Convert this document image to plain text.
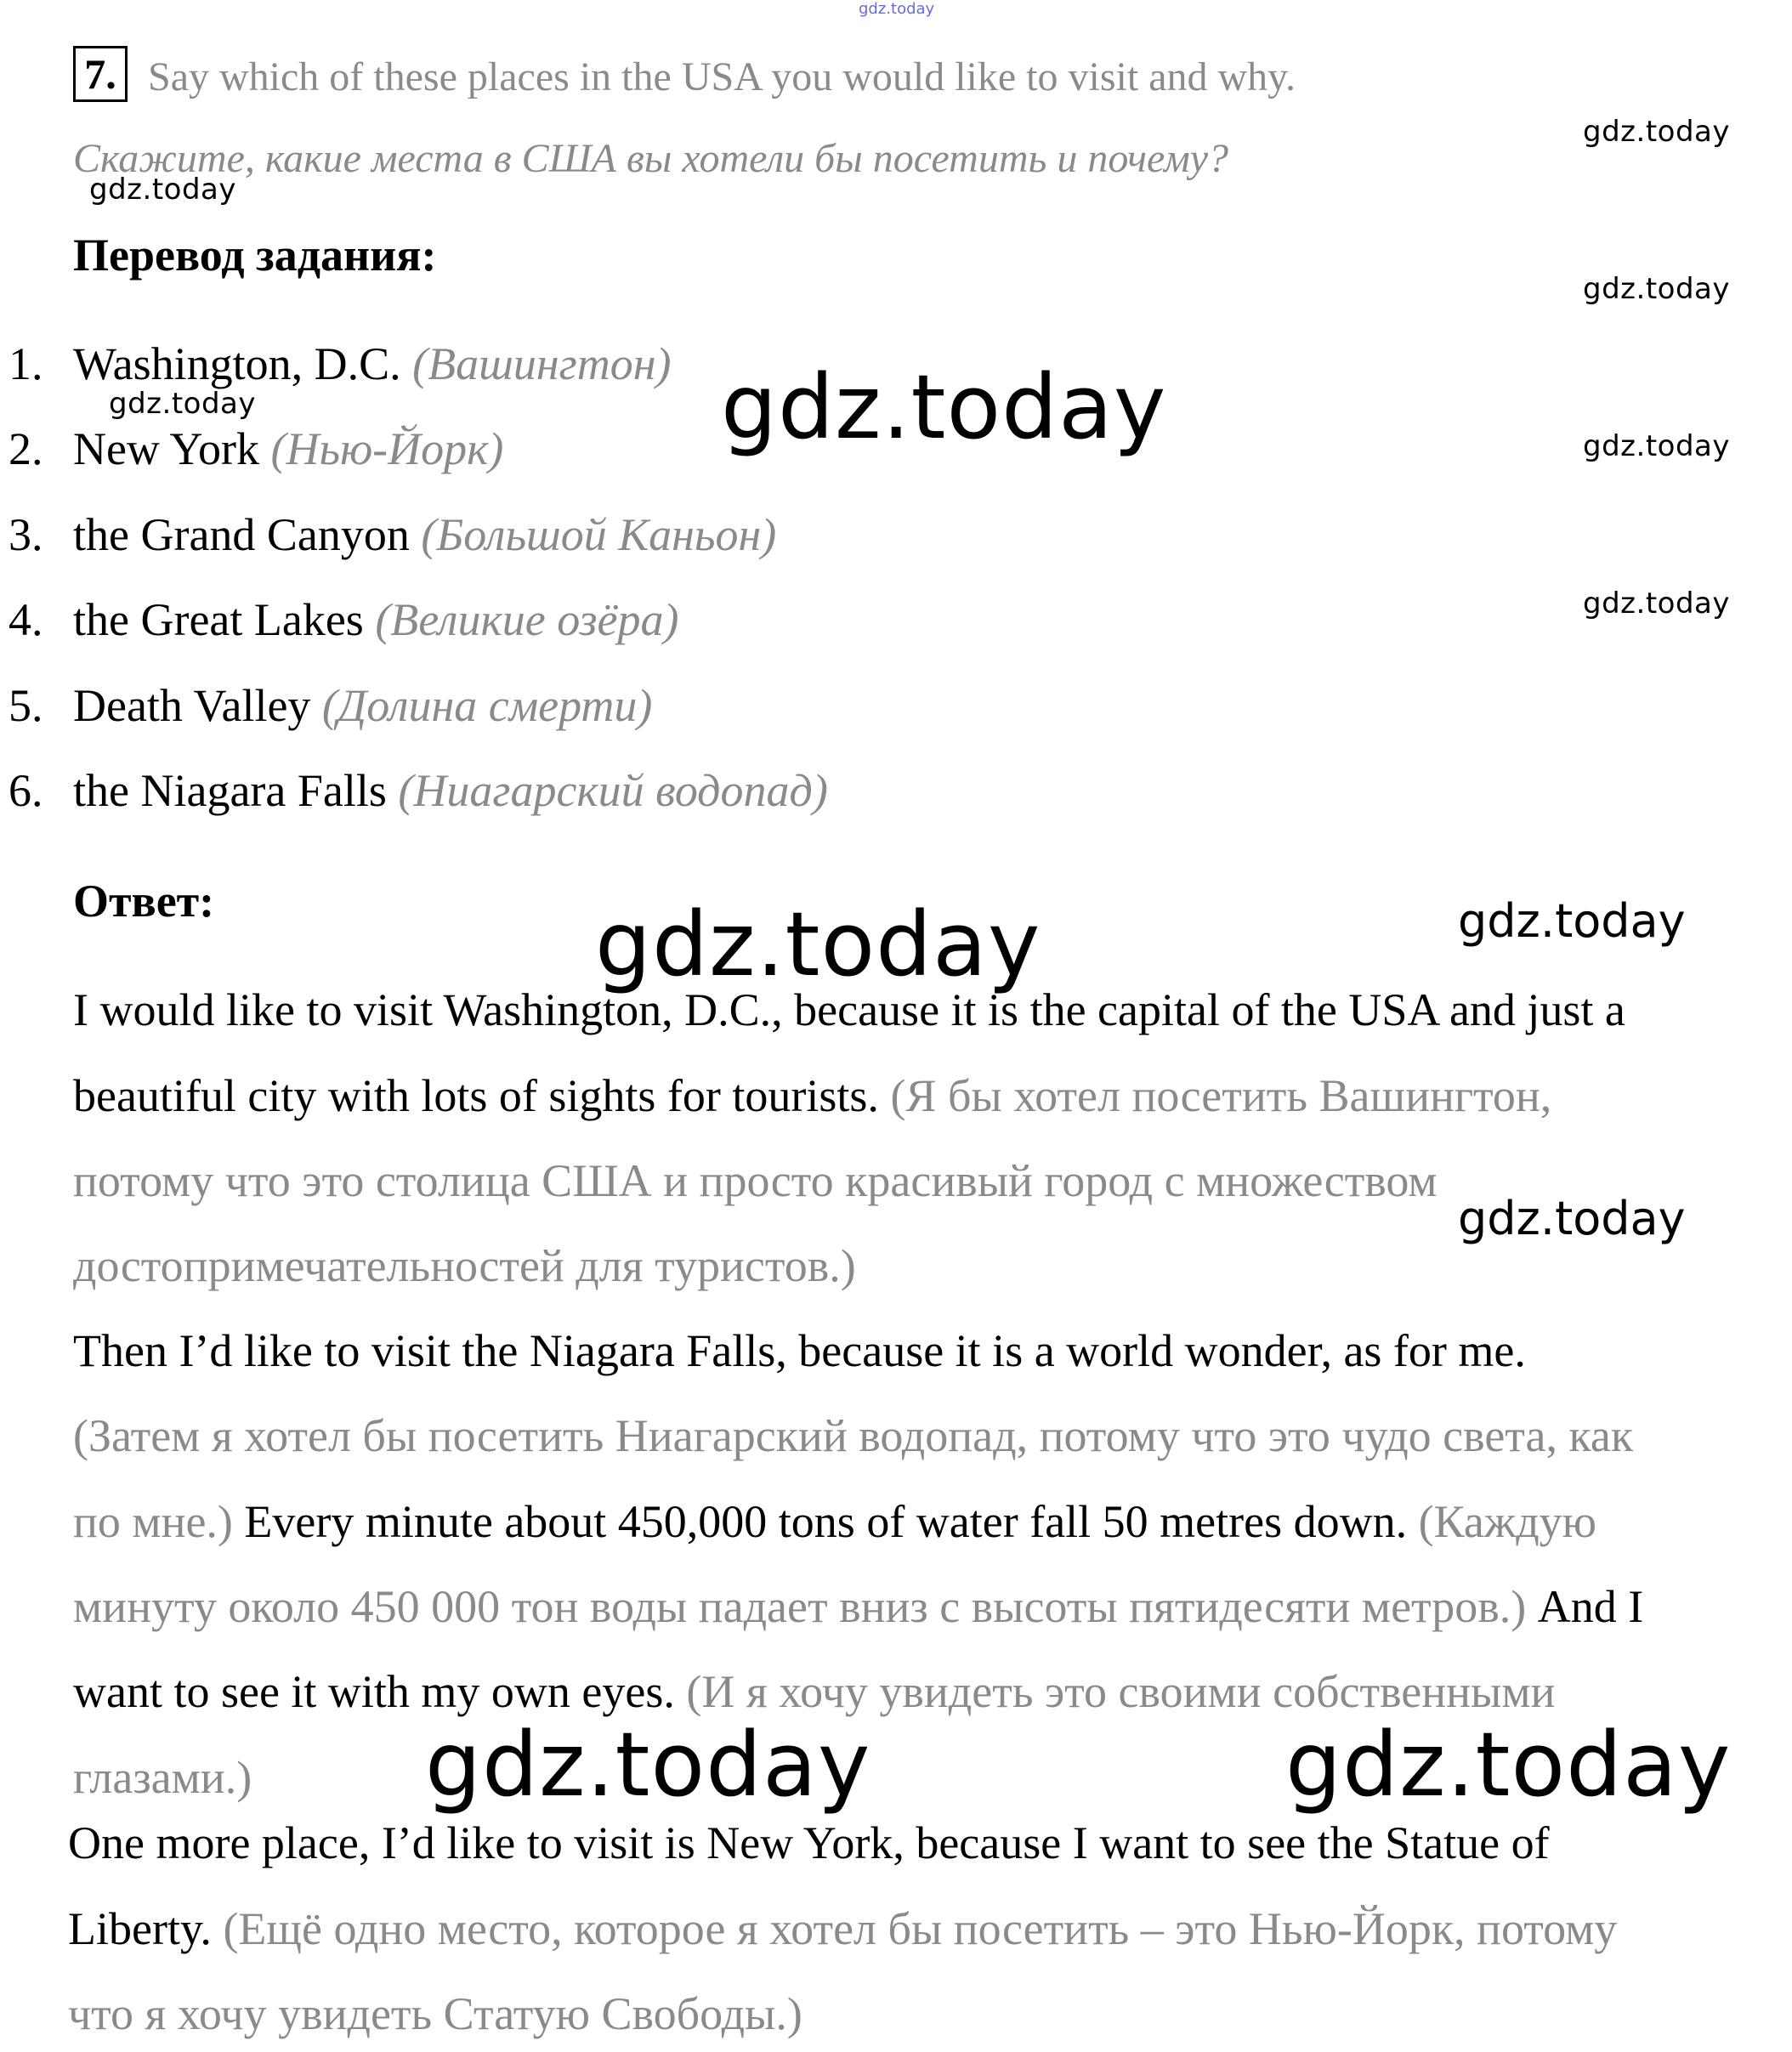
gdz.today
gdz.today
gdz.today
gdz.today
gdz.today	gdz.today	gdz.today
gdz.today
gdz.today	gdz.today
gdz.today
gdz.today	gdz.today
7. Say which of these places in the USA you would like to visit and why.
Скажите, какие места в США вы хотели бы посетить и почему?
Перевод задания:
1. Washington, D.C. (Вашингтон)
2. New York (Нью-Йорк)
3. the Grand Canyon (Большой Каньон)
4. the Great Lakes (Великие озёра)
5. Death Valley (Долина смерти)
6. the Niagara Falls (Ниагарский водопад)
Ответ:
I would like to visit Washington, D.C., because it is the capital of the USA and just a
beautiful city with lots of sights for tourists. (Я бы хотел посетить Вашингтон,
потому что это столица США и просто красивый город с множеством
достопримечательностей для туристов.)
Then I’d like to visit the Niagara Falls, because it is a world wonder, as for me.
(Затем я хотел бы посетить Ниагарский водопад, потому что это чудо света, как
по мне.) Every minute about 450,000 tons of water fall 50 metres down. (Каждую
минуту около 450 000 тон воды падает вниз с высоты пятидесяти метров.) And I
want to see it with my own eyes. (И я хочу увидеть это своими собственными
глазами.)
One more place, I’d like to visit is New York, because I want to see the Statue of
Liberty. (Ещё одно место, которое я хотел бы посетить – это Нью-Йорк, потому
что я хочу увидеть Статую Свободы.)
